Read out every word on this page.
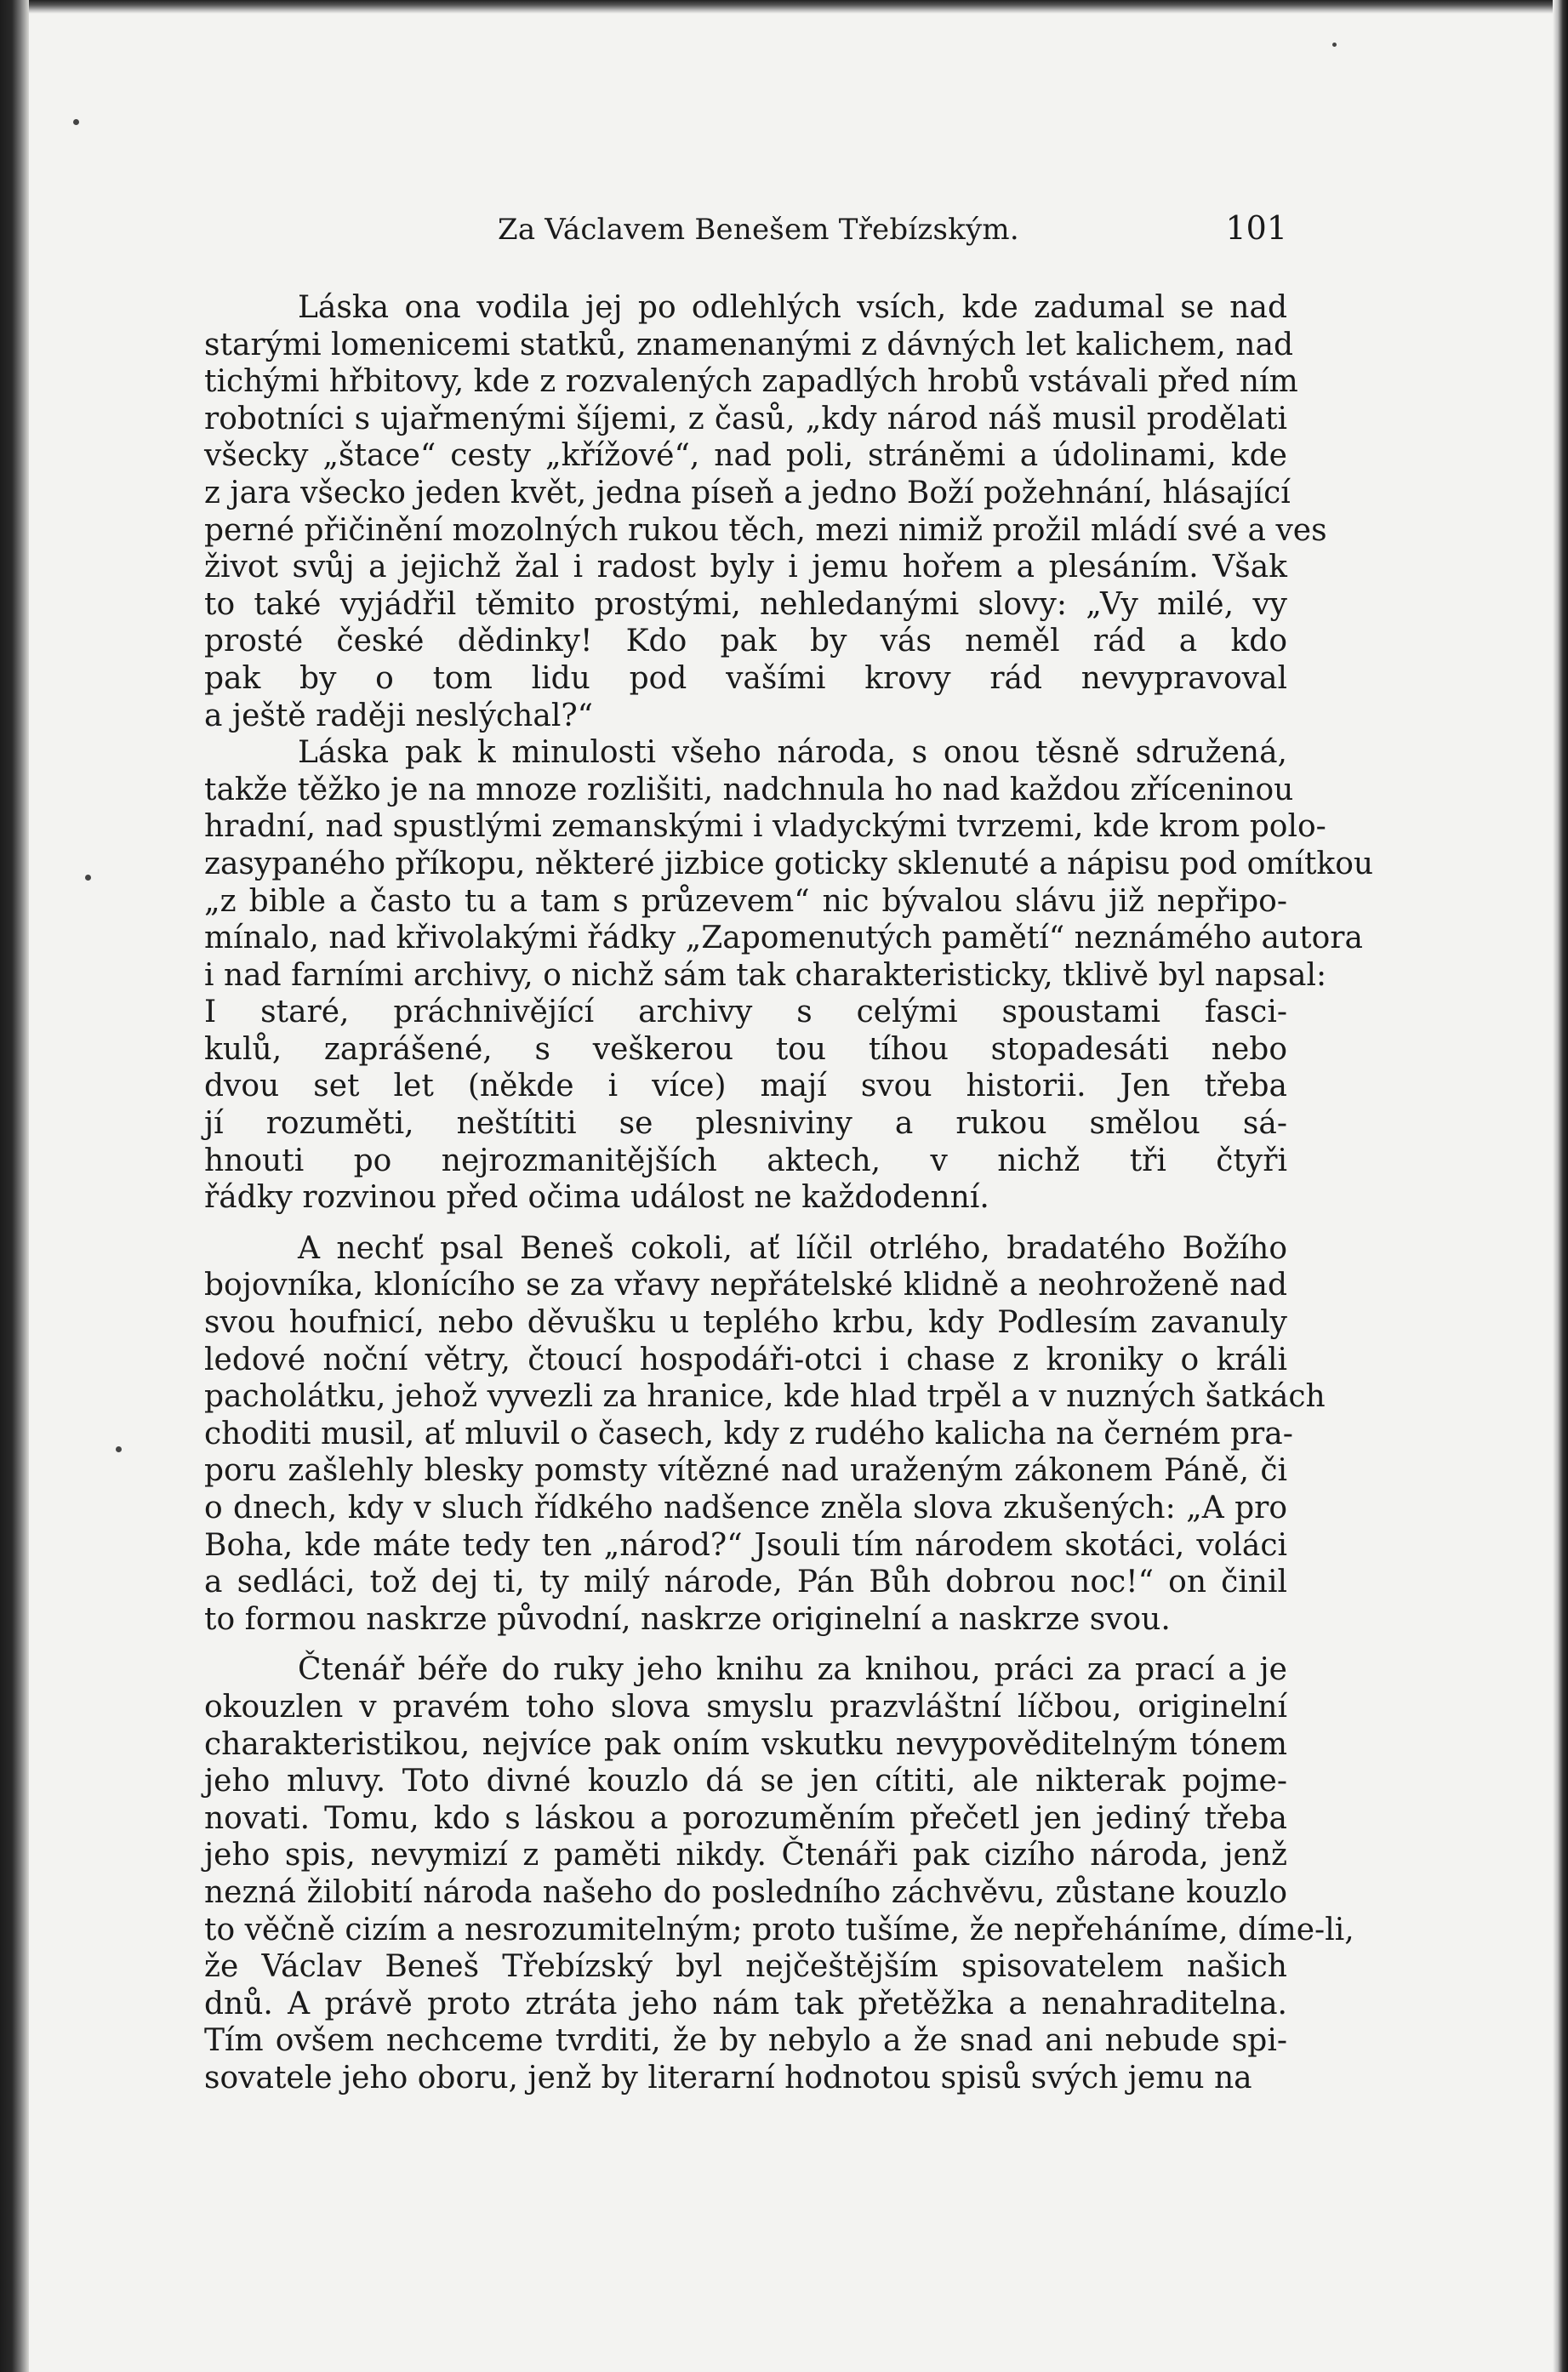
Za Václavem Benešem Třebízským.	101

Láska ona vodila jej po odlehlých vsích, kde zadumal se nad
starými lomenicemi statků, znamenanými z dávných let kalichem, nad
tichými hřbitovy, kde z rozvalených zapadlých hrobů vstávali před ním
robotníci s ujařmenými šíjemi, z časů, „kdy národ náš musil prodělati
všecky „štace“ cesty „křížové“, nad poli, stráněmi a údolinami, kde
z jara všecko jeden květ, jedna píseň a jedno Boží požehnání, hlásající
perné přičinění mozolných rukou těch, mezi nimiž prožil mládí své a ves
život svůj a jejichž žal i radost byly i jemu hořem a plesáním. Však
to také vyjádřil těmito prostými, nehledanými slovy: „Vy milé, vy
prosté české dědinky! Kdo pak by vás neměl rád a kdo
pak by o tom lidu pod vašími krovy rád nevypravoval
a ještě raději neslýchal?“

Láska pak k minulosti všeho národa, s onou těsně sdružená,
takže těžko je na mnoze rozlišiti, nadchnula ho nad každou zříceninou
hradní, nad spustlými zemanskými i vladyckými tvrzemi, kde krom polo-
zasypaného příkopu, některé jizbice goticky sklenuté a nápisu pod omítkou
„z bible a často tu a tam s průzevem“ nic bývalou slávu již nepřipo-
mínalo, nad křivolakými řádky „Zapomenutých pamětí“ neznámého autora
i nad farními archivy, o nichž sám tak charakteristicky, tklivě byl napsal:
I staré, práchnivějící archivy s celými spoustami fasci-
kulů, zaprášené, s veškerou tou tíhou stopadesáti nebo
dvou set let (někde i více) mají svou historii. Jen třeba
jí rozuměti, neštítiti se plesniviny a rukou smělou sá-
hnouti po nejrozmanitějších aktech, v nichž tři čtyři
řádky rozvinou před očima událost ne každodenní.

A nechť psal Beneš cokoli, ať líčil otrlého, bradatého Božího
bojovníka, klonícího se za vřavy nepřátelské klidně a neohroženě nad
svou houfnicí, nebo děvušku u teplého krbu, kdy Podlesím zavanuly
ledové noční větry, čtoucí hospodáři-otci i chase z kroniky o králi
pacholátku, jehož vyvezli za hranice, kde hlad trpěl a v nuzných šatkách
choditi musil, ať mluvil o časech, kdy z rudého kalicha na černém pra-
poru zašlehly blesky pomsty vítězné nad uraženým zákonem Páně, či
o dnech, kdy v sluch řídkého nadšence zněla slova zkušených: „A pro
Boha, kde máte tedy ten „národ?“ Jsouli tím národem skotáci, voláci
a sedláci, tož dej ti, ty milý národe, Pán Bůh dobrou noc!“ on činil
to formou naskrze původní, naskrze originelní a naskrze svou.

Čtenář béře do ruky jeho knihu za knihou, práci za prací a je
okouzlen v pravém toho slova smyslu prazvláštní líčbou, originelní
charakteristikou, nejvíce pak oním vskutku nevypověditelným tónem
jeho mluvy. Toto divné kouzlo dá se jen cítiti, ale nikterak pojme-
novati. Tomu, kdo s láskou a porozuměním přečetl jen jediný třeba
jeho spis, nevymizí z paměti nikdy. Čtenáři pak cizího národa, jenž
nezná žilobití národa našeho do posledního záchvěvu, zůstane kouzlo
to věčně cizím a nesrozumitelným; proto tušíme, že nepřeháníme, díme-li,
že Václav Beneš Třebízský byl nejčeštějším spisovatelem našich
dnů. A právě proto ztráta jeho nám tak přetěžka a nenahraditelna.
Tím ovšem nechceme tvrditi, že by nebylo a že snad ani nebude spi-
sovatele jeho oboru, jenž by literarní hodnotou spisů svých jemu na
